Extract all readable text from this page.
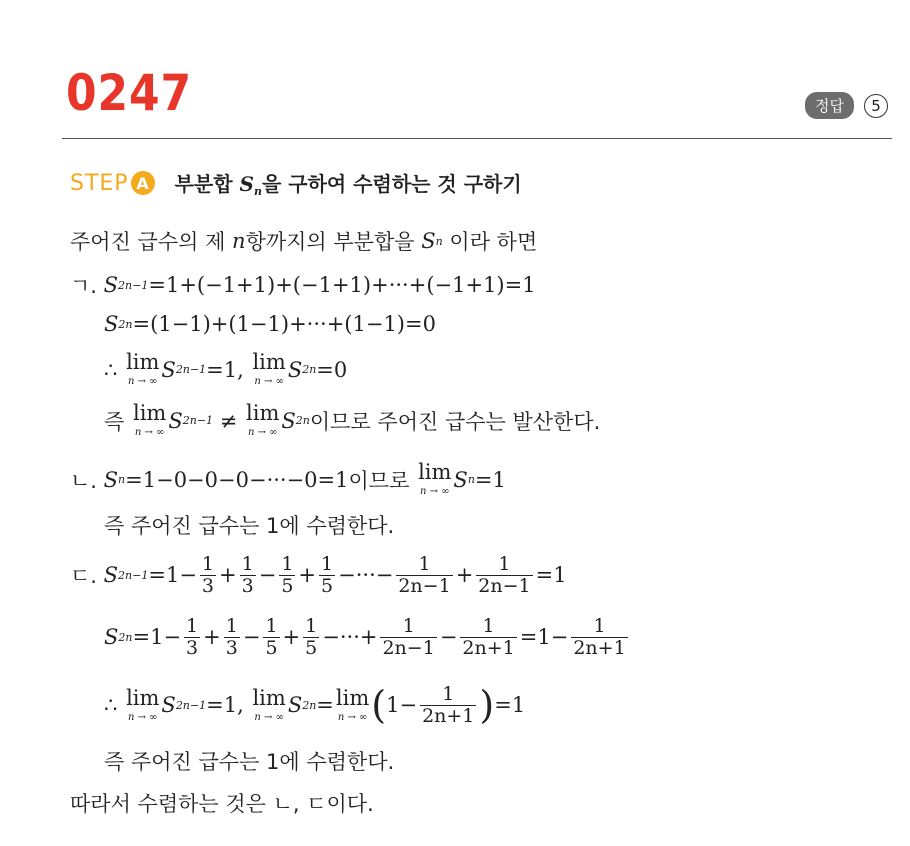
0247	정답	5
STEP A 부분합 $S_n$을 구하여 수렴하는 것 구하기
주어진 급수의 제
n 항까지의 부분합을
S n
이라 하면
ㄱ.
S 2n−1 =1+(−1+1)+(−1+1)+···+(−1+1)=1
S 2n =(1−1)+(1−1)+···+(1−1)=0
∴
lim
n → ∞ S 2n−1 =1,
lim
n → ∞ S 2n =0
즉
lim
n → ∞ S 2n−1
≠
lim
n → ∞ S 2n 이므로 주어진 급수는 발산한다.
ㄴ.
S n =1−0−0−0−···−0=1 이므로
lim
n → ∞ S n =1
즉 주어진 급수는 1에 수렴한다.
ㄷ.
S $2n-1 =1- \frac{1}{3} + \frac{1}{3} - \frac{1}{5} + \frac{1}{5}$ −···− $\frac{1}{2n-1} + \frac{1}{2n-1} =1$
S $2n =1- \frac{1}{3} + \frac{1}{3} - \frac{1}{5} + \frac{1}{5}$ −···+ $\frac{1}{2n-1} - \frac{1}{2n+1} =1- \frac{1}{2n+1}$
∴
lim
n → ∞ S 2n−1 =1,
lim
n → ∞ S 2n = lim
n → ∞ ( $1- \frac{1}{2n+1}$ ) =1
즉 주어진 급수는 1에 수렴한다.
따라서 수렴하는 것은 ㄴ, ㄷ이다.
